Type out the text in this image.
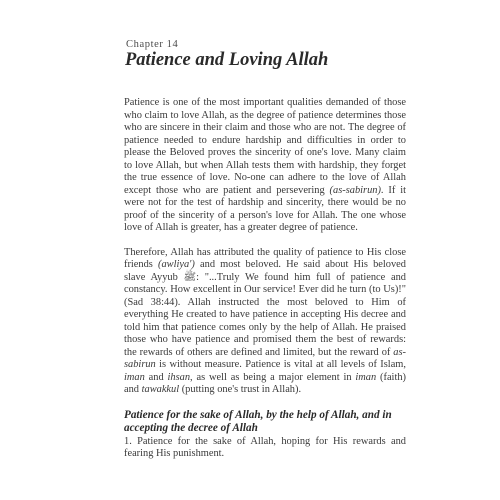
Chapter 14
Patience and Loving Allah

Patience is one of the most important qualities demanded of those who claim to love Allah, as the degree of patience determines those who are sincere in their claim and those who are not. The degree of patience needed to endure hardship and difficulties in order to please the Beloved proves the sincerity of one's love. Many claim to love Allah, but when Allah tests them with hardship, they forget the true essence of love. No-one can adhere to the love of Allah except those who are patient and persevering (as-sabirun). If it were not for the test of hardship and sincerity, there would be no proof of the sincerity of a person's love for Allah. The one whose love of Allah is greater, has a greater degree of patience.

Therefore, Allah has attributed the quality of patience to His close friends (awliya') and most beloved. He said about His beloved slave Ayyub ﷺ: "...Truly We found him full of patience and constancy. How excellent in Our service! Ever did he turn (to Us)!" (Sad 38:44). Allah instructed the most beloved to Him of everything He created to have patience in accepting His decree and told him that patience comes only by the help of Allah. He praised those who have patience and promised them the best of rewards: the rewards of others are defined and limited, but the reward of as-sabirun is without measure. Patience is vital at all levels of Islam, iman and ihsan, as well as being a major element in iman (faith) and tawakkul (putting one's trust in Allah).

Patience for the sake of Allah, by the help of Allah, and in accepting the decree of Allah
1. Patience for the sake of Allah, hoping for His rewards and fearing His punishment.
